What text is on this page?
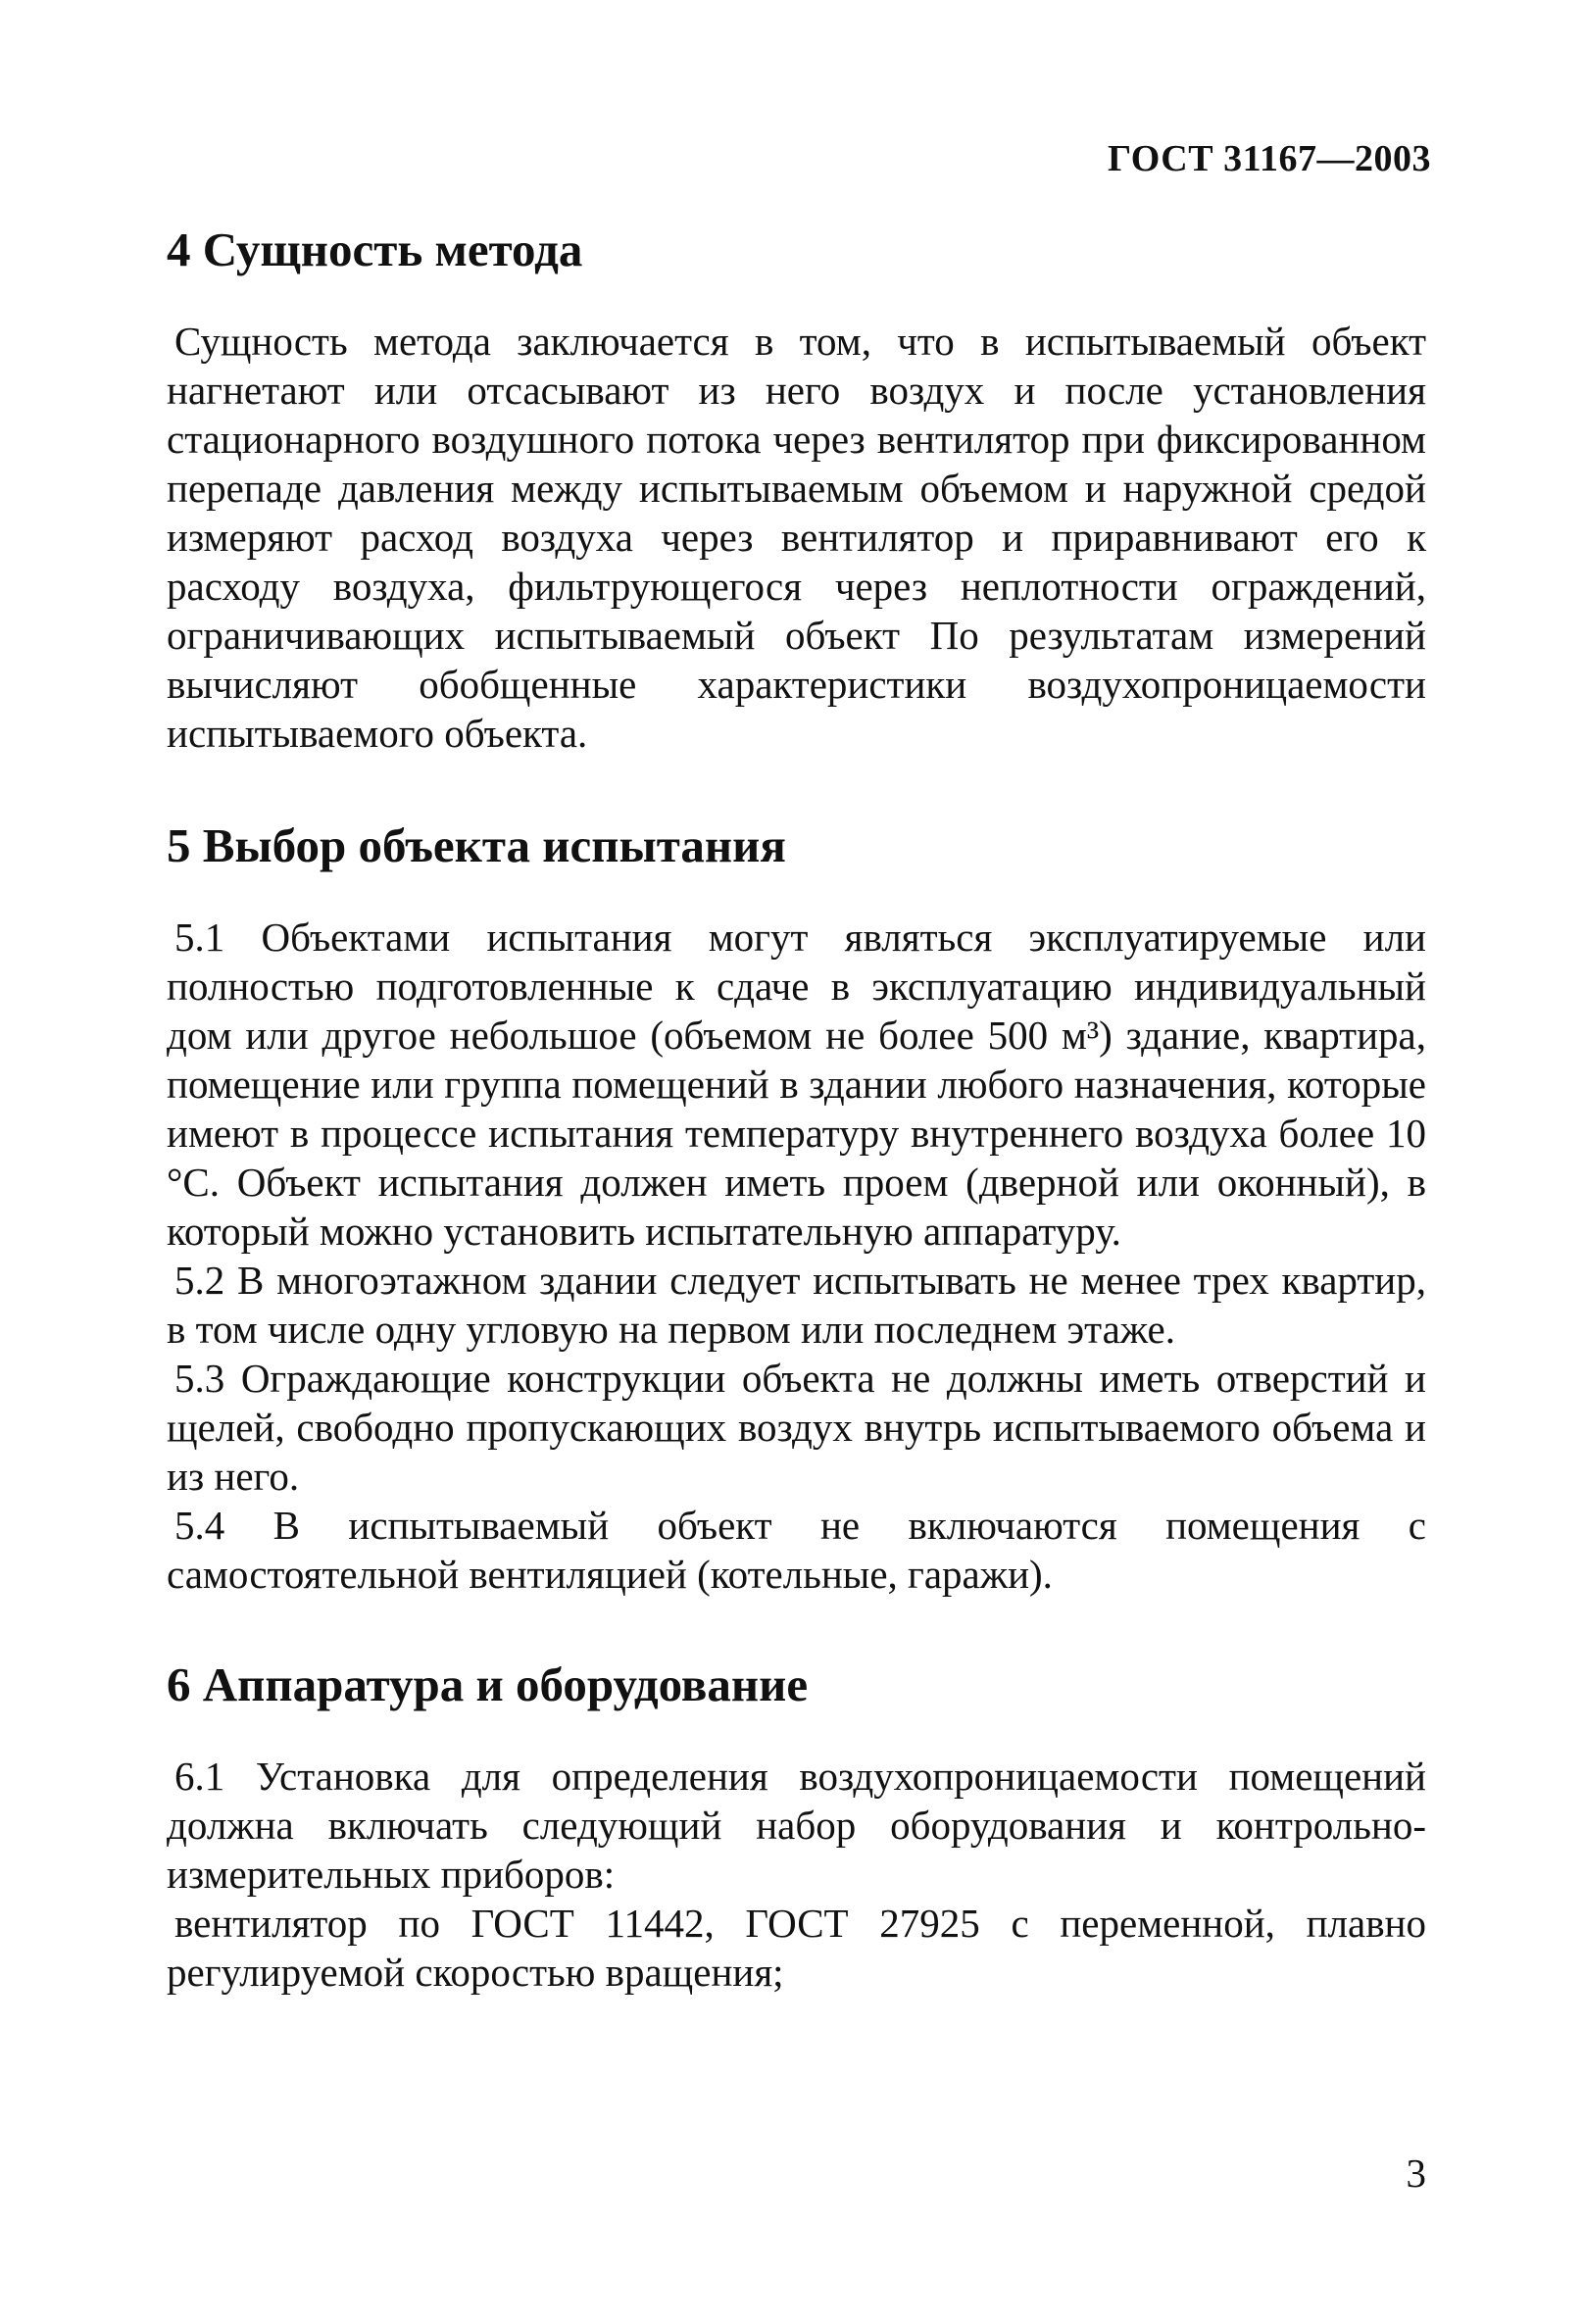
ГОСТ 31167—2003
4 Сущность метода

Сущность метода заключается в том, что в испытываемый объект нагнетают или отсасывают из него воздух и после установления стационарного воздушного потока через вентилятор при фиксированном перепаде давления между испытываемым объемом и наружной средой измеряют расход воздуха через вентилятор и приравнивают его к расходу воздуха, фильтрующегося через неплотности ограждений, ограничивающих испытываемый объект По результатам измерений вычисляют обобщенные характеристики воздухопроницаемости испытываемого объекта.

5 Выбор объекта испытания

5.1 Объектами испытания могут являться эксплуатируемые или полностью подготовленные к сдаче в эксплуатацию индивидуальный дом или другое небольшое (объемом не более 500 м³) здание, квартира, помещение или группа помещений в здании любого назначения, которые имеют в процессе испытания температуру внутреннего воздуха более 10 °С. Объект испытания должен иметь проем (дверной или оконный), в который можно установить испытательную аппаратуру.

5.2 В многоэтажном здании следует испытывать не менее трех квартир, в том числе одну угловую на первом или последнем этаже.

5.3 Ограждающие конструкции объекта не должны иметь отверстий и щелей, свободно пропускающих воздух внутрь испытываемого объема и из него.

5.4 В испытываемый объект не включаются помещения с самостоятельной вентиляцией (котельные, гаражи).

6 Аппаратура и оборудование

6.1 Установка для определения воздухопроницаемости помещений должна включать следующий набор оборудования и контрольно-измерительных приборов:

вентилятор по ГОСТ 11442, ГОСТ 27925 с переменной, плавно регулируемой скоростью вращения;

3
